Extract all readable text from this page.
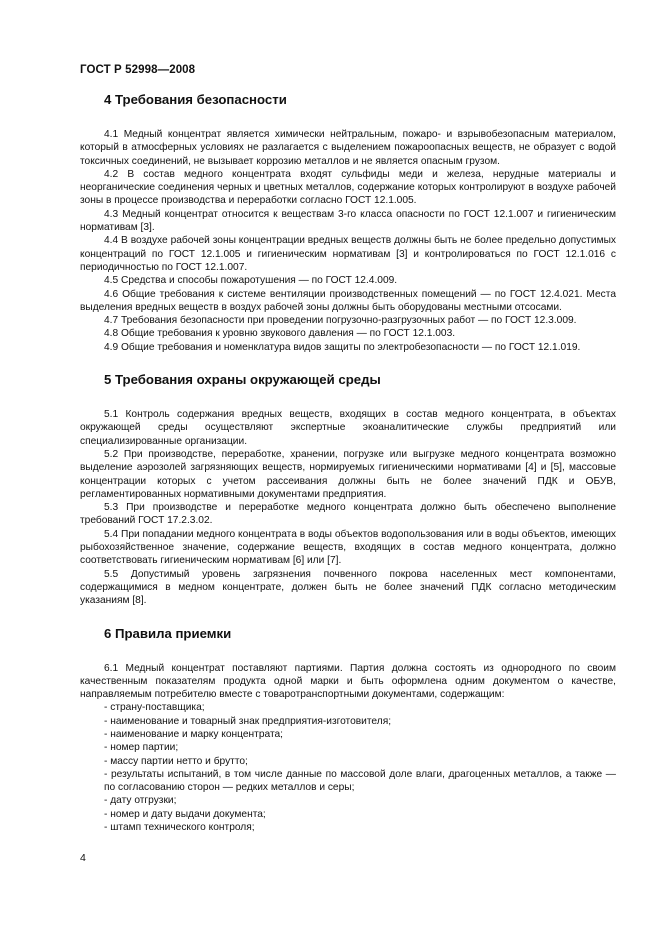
ГОСТ Р 52998—2008
4 Требования безопасности

4.1 Медный концентрат является химически нейтральным, пожаро- и взрывобезопасным материалом, который в атмосферных условиях не разлагается с выделением пожароопасных веществ, не образует с водой токсичных соединений, не вызывает коррозию металлов и не является опасным грузом.

4.2 В состав медного концентрата входят сульфиды меди и железа, нерудные материалы и неорганические соединения черных и цветных металлов, содержание которых контролируют в воздухе рабочей зоны в процессе производства и переработки согласно ГОСТ 12.1.005.

4.3 Медный концентрат относится к веществам 3-го класса опасности по ГОСТ 12.1.007 и гигиеническим нормативам [3].

4.4 В воздухе рабочей зоны концентрации вредных веществ должны быть не более предельно допустимых концентраций по ГОСТ 12.1.005 и гигиеническим нормативам [3] и контролироваться по ГОСТ 12.1.016 с периодичностью по ГОСТ 12.1.007.

4.5 Средства и способы пожаротушения — по ГОСТ 12.4.009.

4.6 Общие требования к системе вентиляции производственных помещений — по ГОСТ 12.4.021. Места выделения вредных веществ в воздух рабочей зоны должны быть оборудованы местными отсосами.

4.7 Требования безопасности при проведении погрузочно-разгрузочных работ — по ГОСТ 12.3.009.

4.8 Общие требования к уровню звукового давления — по ГОСТ 12.1.003.

4.9 Общие требования и номенклатура видов защиты по электробезопасности — по ГОСТ 12.1.019.

5 Требования охраны окружающей среды

5.1 Контроль содержания вредных веществ, входящих в состав медного концентрата, в объектах окружающей среды осуществляют экспертные экоаналитические службы предприятий или специализированные организации.

5.2 При производстве, переработке, хранении, погрузке или выгрузке медного концентрата возможно выделение аэрозолей загрязняющих веществ, нормируемых гигиеническими нормативами [4] и [5], массовые концентрации которых с учетом рассеивания должны быть не более значений ПДК и ОБУВ, регламентированных нормативными документами предприятия.

5.3 При производстве и переработке медного концентрата должно быть обеспечено выполнение требований ГОСТ 17.2.3.02.

5.4 При попадании медного концентрата в воды объектов водопользования или в воды объектов, имеющих рыбохозяйственное значение, содержание веществ, входящих в состав медного концентрата, должно соответствовать гигиеническим нормативам [6] или [7].

5.5 Допустимый уровень загрязнения почвенного покрова населенных мест компонентами, содержащимися в медном концентрате, должен быть не более значений ПДК согласно методическим указаниям [8].

6 Правила приемки

6.1 Медный концентрат поставляют партиями. Партия должна состоять из однородного по своим качественным показателям продукта одной марки и быть оформлена одним документом о качестве, направляемым потребителю вместе с товаротранспортными документами, содержащим:

- страну-поставщика;
- наименование и товарный знак предприятия-изготовителя;
- наименование и марку концентрата;
- номер партии;
- массу партии нетто и брутто;
- результаты испытаний, в том числе данные по массовой доле влаги, драгоценных металлов, а также — по согласованию сторон — редких металлов и серы;
- дату отгрузки;
- номер и дату выдачи документа;
- штамп технического контроля;
4
